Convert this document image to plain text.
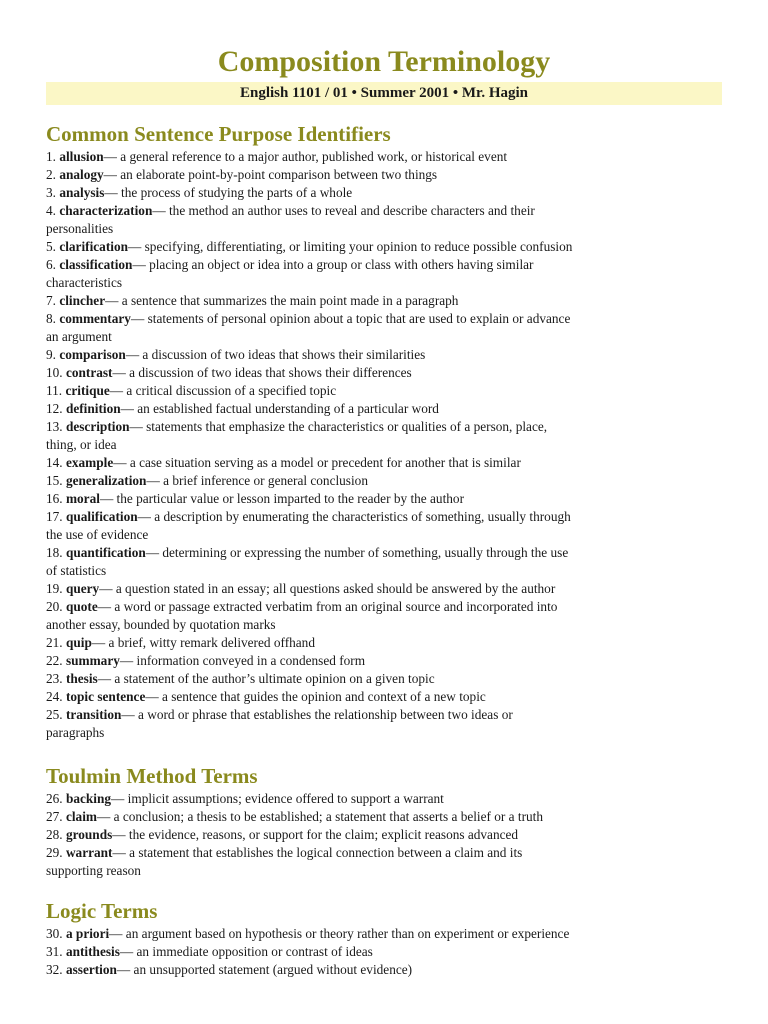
Composition Terminology
English 1101 / 01 • Summer 2001 • Mr. Hagin
Common Sentence Purpose Identifiers
1. allusion— a general reference to a major author, published work, or historical event
2. analogy— an elaborate point-by-point comparison between two things
3. analysis— the process of studying the parts of a whole
4. characterization— the method an author uses to reveal and describe characters and their
personalities
5. clarification— specifying, differentiating, or limiting your opinion to reduce possible confusion
6. classification— placing an object or idea into a group or class with others having similar
characteristics
7. clincher— a sentence that summarizes the main point made in a paragraph
8. commentary— statements of personal opinion about a topic that are used to explain or advance
an argument
9. comparison— a discussion of two ideas that shows their similarities
10. contrast— a discussion of two ideas that shows their differences
11. critique— a critical discussion of a specified topic
12. definition— an established factual understanding of a particular word
13. description— statements that emphasize the characteristics or qualities of a person, place,
thing, or idea
14. example— a case situation serving as a model or precedent for another that is similar
15. generalization— a brief inference or general conclusion
16. moral— the particular value or lesson imparted to the reader by the author
17. qualification— a description by enumerating the characteristics of something, usually through
the use of evidence
18. quantification— determining or expressing the number of something, usually through the use
of statistics
19. query— a question stated in an essay; all questions asked should be answered by the author
20. quote— a word or passage extracted verbatim from an original source and incorporated into
another essay, bounded by quotation marks
21. quip— a brief, witty remark delivered offhand
22. summary— information conveyed in a condensed form
23. thesis— a statement of the author’s ultimate opinion on a given topic
24. topic sentence— a sentence that guides the opinion and context of a new topic
25. transition— a word or phrase that establishes the relationship between two ideas or
paragraphs
Toulmin Method Terms
26. backing— implicit assumptions; evidence offered to support a warrant
27. claim— a conclusion; a thesis to be established; a statement that asserts a belief or a truth
28. grounds— the evidence, reasons, or support for the claim; explicit reasons advanced
29. warrant— a statement that establishes the logical connection between a claim and its
supporting reason
Logic Terms
30. a priori— an argument based on hypothesis or theory rather than on experiment or experience
31. antithesis— an immediate opposition or contrast of ideas
32. assertion— an unsupported statement (argued without evidence)
